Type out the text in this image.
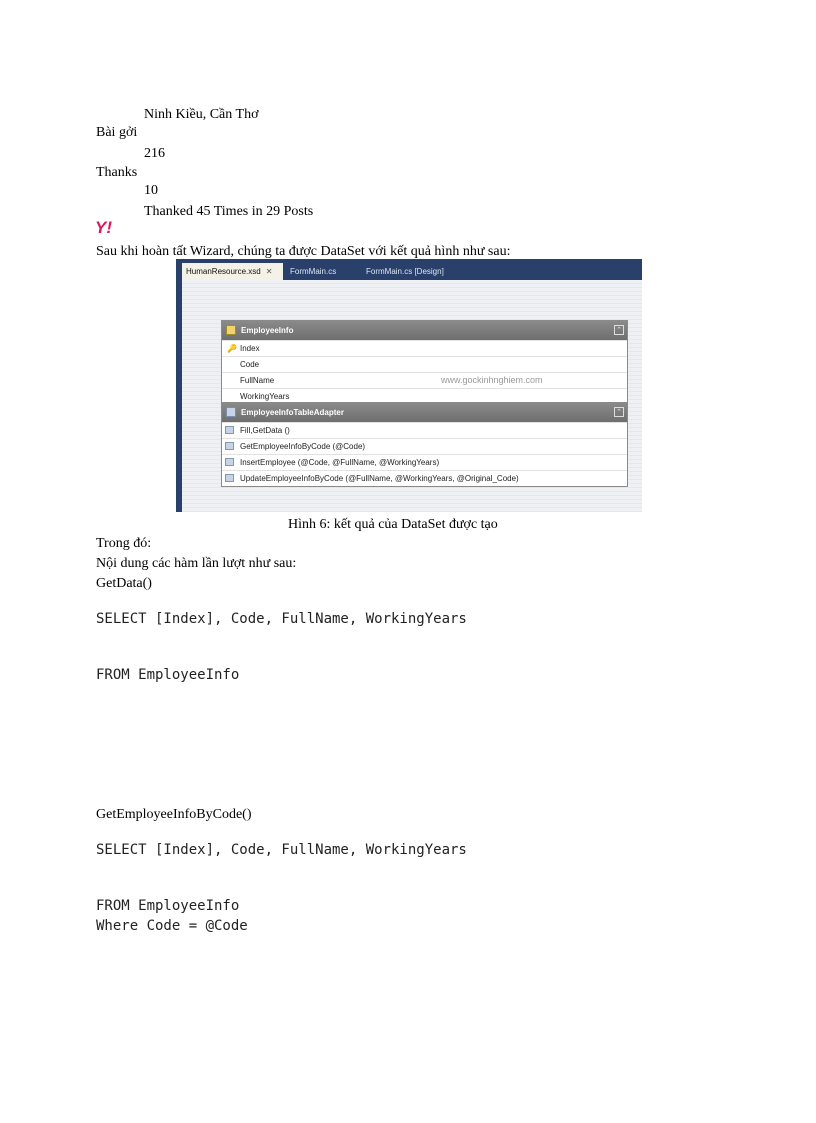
Ninh Kiều, Cần Thơ
Bài gởi
216
Thanks
10
Thanked 45 Times in 29 Posts
Y!
Sau khi hoàn tất Wizard, chúng ta được DataSet với kết quả hình như sau:
HumanResource.xsd ✕	FormMain.cs	FormMain.cs [Design]
EmployeeInfo	⌃
🔑 Index
Code
FullName	www.gockinhnghiem.com
WorkingYears
EmployeeInfoTableAdapter	⌃
Fill,GetData ()
GetEmployeeInfoByCode (@Code)
InsertEmployee (@Code, @FullName, @WorkingYears)
UpdateEmployeeInfoByCode (@FullName, @WorkingYears, @Original_Code)
Hình 6: kết quả của DataSet được tạo
Trong đó:
Nội dung các hàm lần lượt như sau:
GetData()
SELECT [Index], Code, FullName, WorkingYears
FROM EmployeeInfo
GetEmployeeInfoByCode()
SELECT [Index], Code, FullName, WorkingYears
FROM EmployeeInfo
Where Code = @Code
